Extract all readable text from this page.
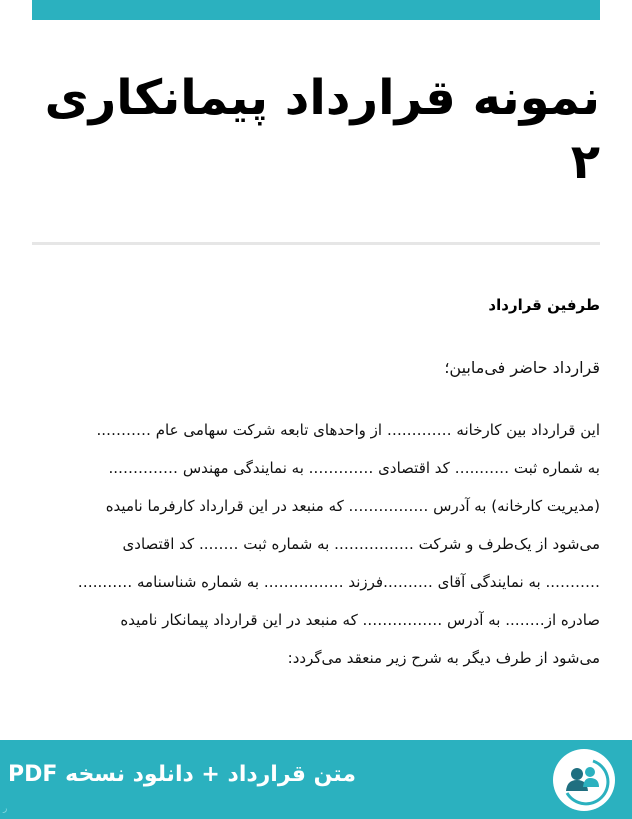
نمونه قرارداد پیمانکاری
۲
طرفین قرارداد

قرارداد حاضر فی‌مابین؛

این قرارداد بین کارخانه ……….… از واحدهای تابعه شرکت سهامی عام ………..
به شماره ثبت ……..… کد اقتصادی …………. به نمایندگی مهندس …………..
(مدیریت کارخانه) به آدرس ……………. که منبعد در این قرارداد کارفرما نامیده
می‌شود از یک‌طرف و شرکت ……………. به شماره ثبت …….. کد اقتصادی
……….. به نمایندگی آقای ……….فرزند ……………. به شماره شناسنامه ……..…
صادره از…….. به آدرس ……………. که منبعد در این قرارداد پیمانکار نامیده
می‌شود از طرف دیگر به شرح زیر منعقد می‌گردد:
متن قرارداد + دانلود نسخه PDF
ر
